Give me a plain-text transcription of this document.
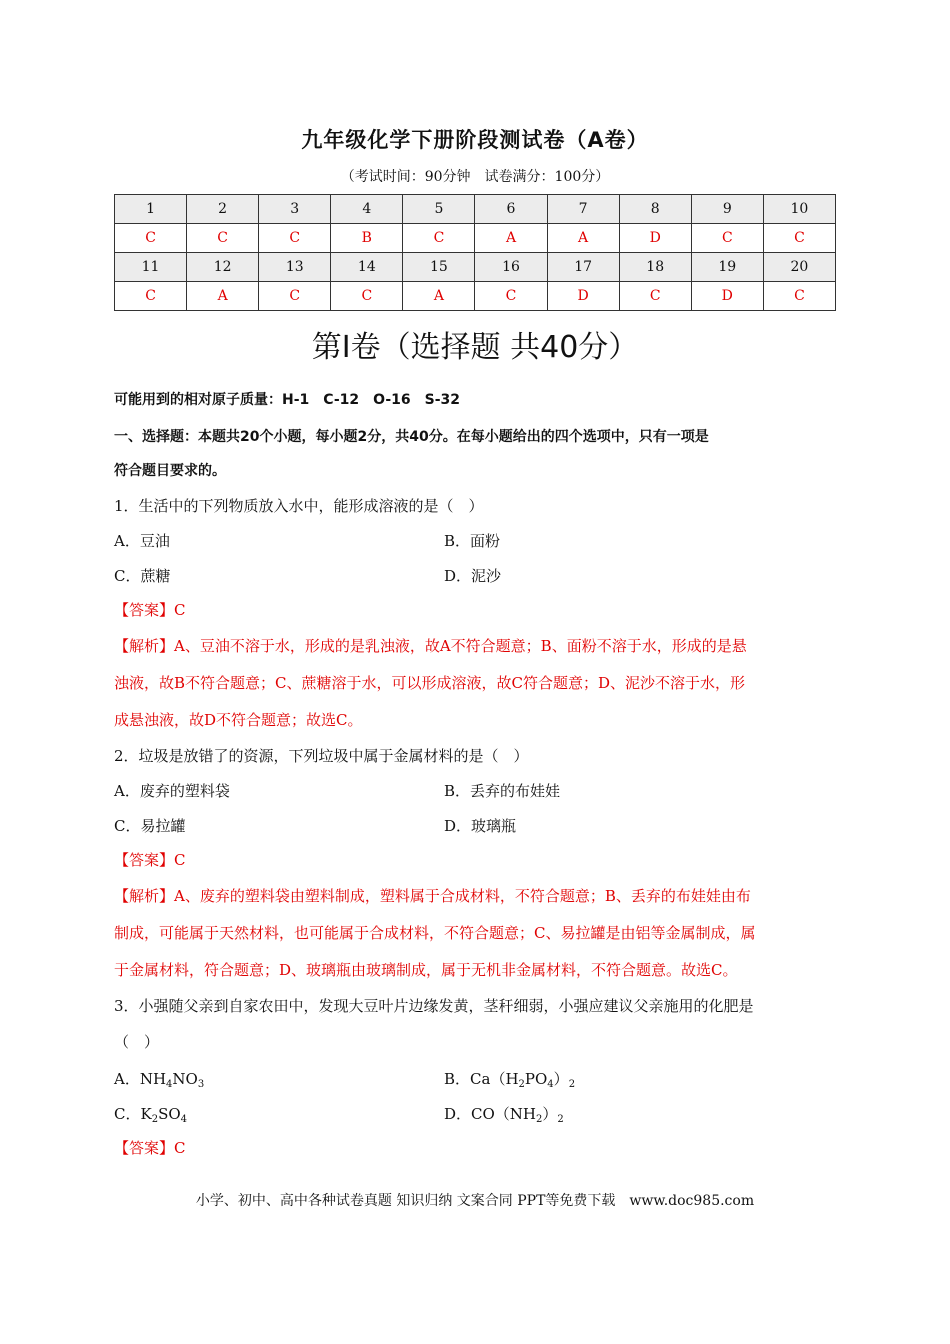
九年级化学下册阶段测试卷（A卷）
（考试时间：90分钟　试卷满分：100分）
1	2	3	4	5	6	7	8	9	10
C	C	C	B	C	A	A	D	C	C
11	12	13	14	15	16	17	18	19	20
C	A	C	C	A	C	D	C	D	C
第Ⅰ卷（选择题 共40分）
可能用到的相对原子质量：H-1　C-12　O-16　S-32
一、选择题：本题共20个小题，每小题2分，共40分。在每小题给出的四个选项中，只有一项是
符合题目要求的。
1．生活中的下列物质放入水中，能形成溶液的是（　）
A．豆油	B．面粉
C．蔗糖	D．泥沙
【答案】C
【解析】A、豆油不溶于水，形成的是乳浊液，故A不符合题意；B、面粉不溶于水，形成的是悬
浊液，故B不符合题意；C、蔗糖溶于水，可以形成溶液，故C符合题意；D、泥沙不溶于水，形
成悬浊液，故D不符合题意；故选C。
2．垃圾是放错了的资源，下列垃圾中属于金属材料的是（　）
A．废弃的塑料袋	B．丢弃的布娃娃
C．易拉罐	D．玻璃瓶
【答案】C
【解析】A、废弃的塑料袋由塑料制成，塑料属于合成材料，不符合题意；B、丢弃的布娃娃由布
制成，可能属于天然材料，也可能属于合成材料，不符合题意；C、易拉罐是由铝等金属制成，属
于金属材料，符合题意；D、玻璃瓶由玻璃制成，属于无机非金属材料，不符合题意。故选C。
3．小强随父亲到自家农田中，发现大豆叶片边缘发黄，茎秆细弱，小强应建议父亲施用的化肥是
（　）
A．$NH_4NO_3$	B．$Ca(H_2PO_4)_2$
C．$K_2SO_4$	D．$CO(NH_2)_2$
【答案】C
小学、初中、高中各种试卷真题 知识归纳 文案合同 PPT等免费下载　www.doc985.com
